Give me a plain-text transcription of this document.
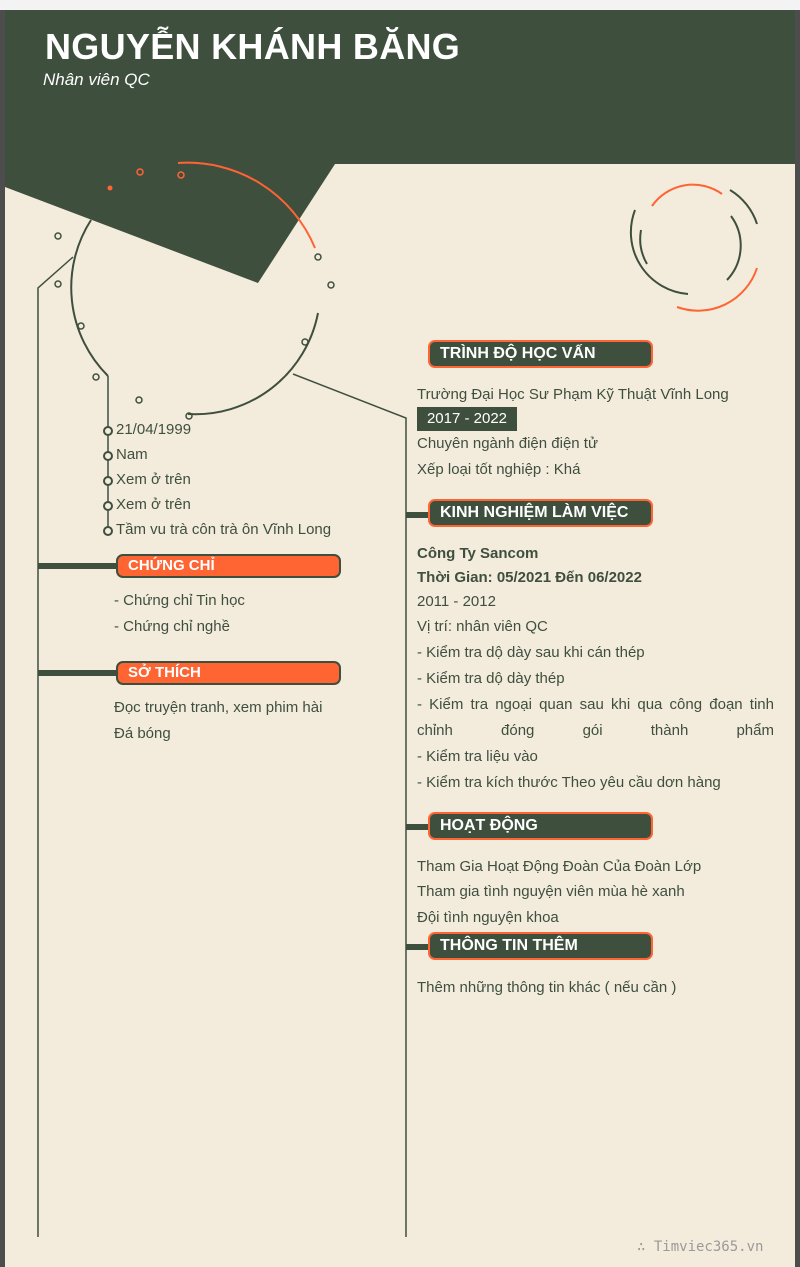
NGUYỄN KHÁNH BĂNG
Nhân viên QC
21/04/1999
Nam
Xem ở trên
Xem ở trên
Tầm vu trà côn trà ôn Vĩnh Long
CHỨNG CHỈ
- Chứng chỉ Tin học
- Chứng chỉ nghề
SỞ THÍCH
Đọc truyện tranh, xem phim hài
Đá bóng
TRÌNH ĐỘ HỌC VẤN
Trường Đại Học Sư Phạm Kỹ Thuật Vĩnh Long
2017 - 2022
Chuyên ngành điện điện tử
Xếp loại tốt nghiệp : Khá
KINH NGHIỆM LÀM VIỆC
Công Ty Sancom
Thời Gian: 05/2021 Đến 06/2022
2011 - 2012
Vị trí: nhân viên QC
- Kiểm tra dộ dày sau khi cán thép
- Kiểm tra dộ dày thép
- Kiểm tra ngoại quan sau khi qua công đoạn tinh chỉnh đóng gói thành phẩm
- Kiểm tra liệu vào
- Kiểm tra kích thước Theo yêu cầu dơn hàng
HOẠT ĐỘNG
Tham Gia Hoạt Động Đoàn Của Đoàn Lớp
Tham gia tình nguyện viên mùa hè xanh
Đội tình nguyện khoa
THÔNG TIN THÊM
Thêm những thông tin khác ( nếu cần )
∴ Timviec365.vn
